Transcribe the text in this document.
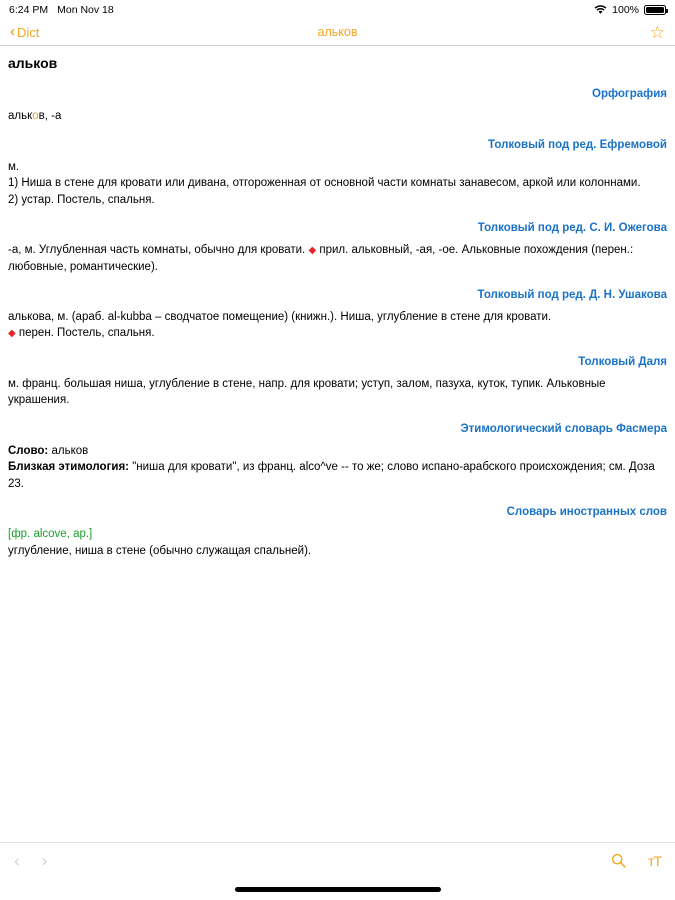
6:24 PM Mon Nov 18	100%
‹ Dict	альков	☆
альков
Орфография

альков, -а

Толковый под ред. Ефремовой

м.

1) Ниша в стене для кровати или дивана, отгороженная от основной части комнаты занавесом, аркой или колоннами.

2) устар. Постель, спальня.

Толковый под ред. С. И. Ожегова

-а, м. Углубленная часть комнаты, обычно для кровати. ◆ прил. альковный, -ая, -ое. Альковные похождения (перен.: любовные, романтические).

Толковый под ред. Д. Н. Ушакова

алькова, м. (араб. al-kubba – сводчатое помещение) (книжн.). Ниша, углубление в стене для кровати.

◆ перен. Постель, спальня.

Толковый Даля

м. франц. большая ниша, углубление в стене, напр. для кровати; уступ, залом, пазуха, куток, тупик. Альковные украшения.

Этимологический словарь Фасмера

Слово: альков

Близкая этимология: "ниша для кровати", из франц. alco^ve -- то же; слово испано-арабского происхождения; см. Доза 23.

Словарь иностранных слов

[фр. alcove, ар.]

углубление, ниша в стене (обычно служащая спальней).

‹ ›	тT
